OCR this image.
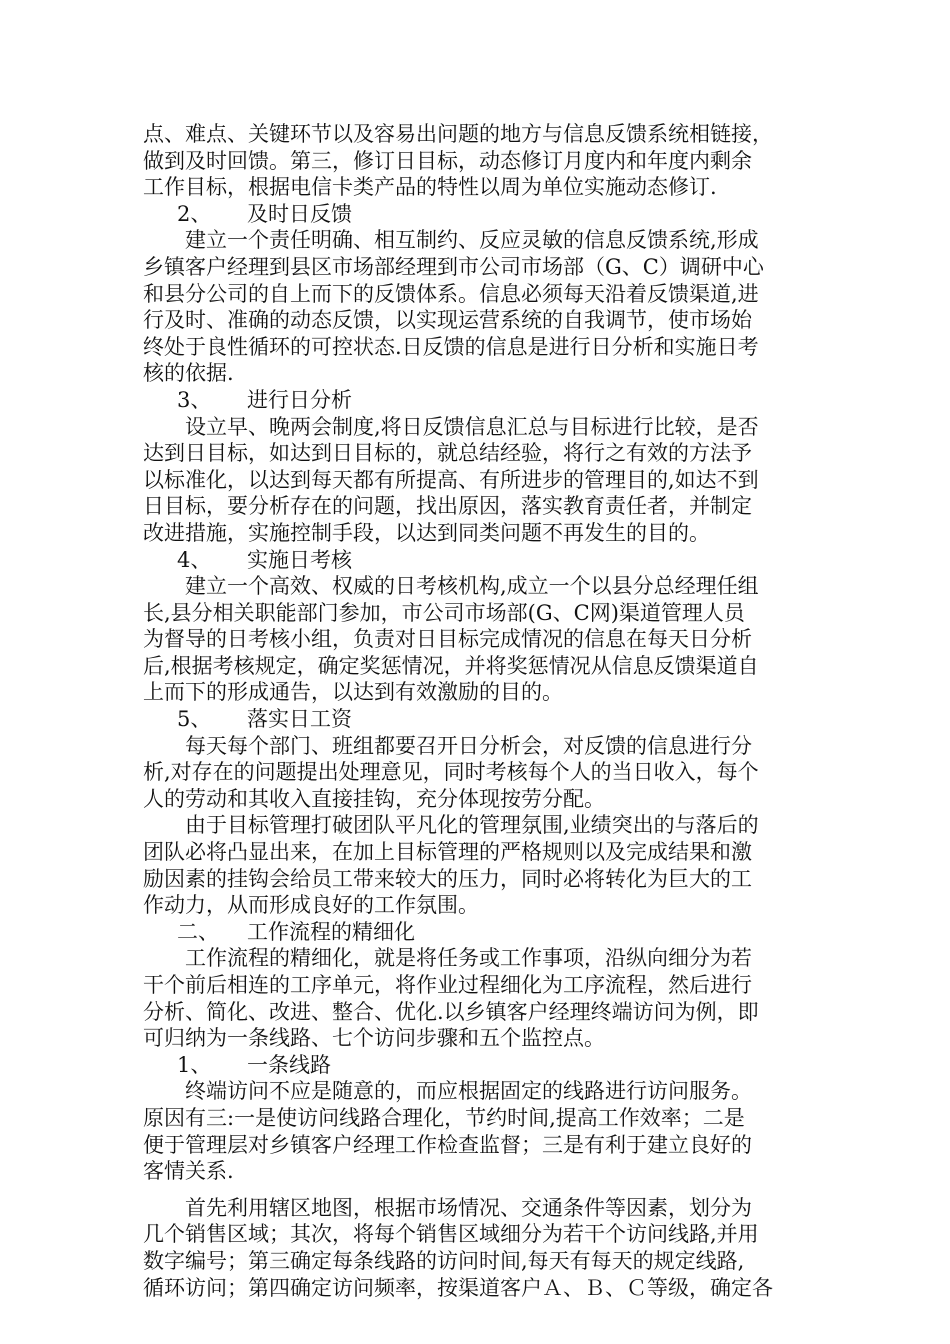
点、难点、关键环节以及容易出问题的地方与信息反馈系统相链接，
做到及时回馈。第三，修订日目标，动态修订月度内和年度内剩余
工作目标，根据电信卡类产品的特性以周为单位实施动态修订.
2、 及时日反馈
建立一个责任明确、相互制约、反应灵敏的信息反馈系统,形成
乡镇客户经理到县区市场部经理到市公司市场部（G、C）调研中心
和县分公司的自上而下的反馈体系。信息必须每天沿着反馈渠道,进
行及时、准确的动态反馈，以实现运营系统的自我调节，使市场始
终处于良性循环的可控状态.日反馈的信息是进行日分析和实施日考
核的依据.
3、 进行日分析
设立早、晚两会制度,将日反馈信息汇总与目标进行比较，是否
达到日目标，如达到日目标的，就总结经验，将行之有效的方法予
以标准化，以达到每天都有所提高、有所进步的管理目的,如达不到
日目标，要分析存在的问题，找出原因，落实教育责任者，并制定
改进措施，实施控制手段，以达到同类问题不再发生的目的。
4、 实施日考核
建立一个高效、权威的日考核机构,成立一个以县分总经理任组
长,县分相关职能部门参加，市公司市场部(G、C网)渠道管理人员
为督导的日考核小组，负责对日目标完成情况的信息在每天日分析
后,根据考核规定，确定奖惩情况，并将奖惩情况从信息反馈渠道自
上而下的形成通告，以达到有效激励的目的。
5、 落实日工资
每天每个部门、班组都要召开日分析会，对反馈的信息进行分
析,对存在的问题提出处理意见，同时考核每个人的当日收入，每个
人的劳动和其收入直接挂钩，充分体现按劳分配。
由于目标管理打破团队平凡化的管理氛围,业绩突出的与落后的
团队必将凸显出来，在加上目标管理的严格规则以及完成结果和激
励因素的挂钩会给员工带来较大的压力，同时必将转化为巨大的工
作动力，从而形成良好的工作氛围。
二、 工作流程的精细化
工作流程的精细化，就是将任务或工作事项，沿纵向细分为若
干个前后相连的工序单元，将作业过程细化为工序流程，然后进行
分析、简化、改进、整合、优化.以乡镇客户经理终端访问为例，即
可归纳为一条线路、七个访问步骤和五个监控点。
1、 一条线路
终端访问不应是随意的，而应根据固定的线路进行访问服务。
原因有三:一是使访问线路合理化，节约时间,提高工作效率；二是
便于管理层对乡镇客户经理工作检查监督；三是有利于建立良好的
客情关系.
首先利用辖区地图，根据市场情况、交通条件等因素，划分为
几个销售区域；其次，将每个销售区域细分为若干个访问线路,并用
数字编号；第三确定每条线路的访问时间,每天有每天的规定线路,
循环访问；第四确定访问频率，按渠道客户Ａ、Ｂ、Ｃ等级，确定各
